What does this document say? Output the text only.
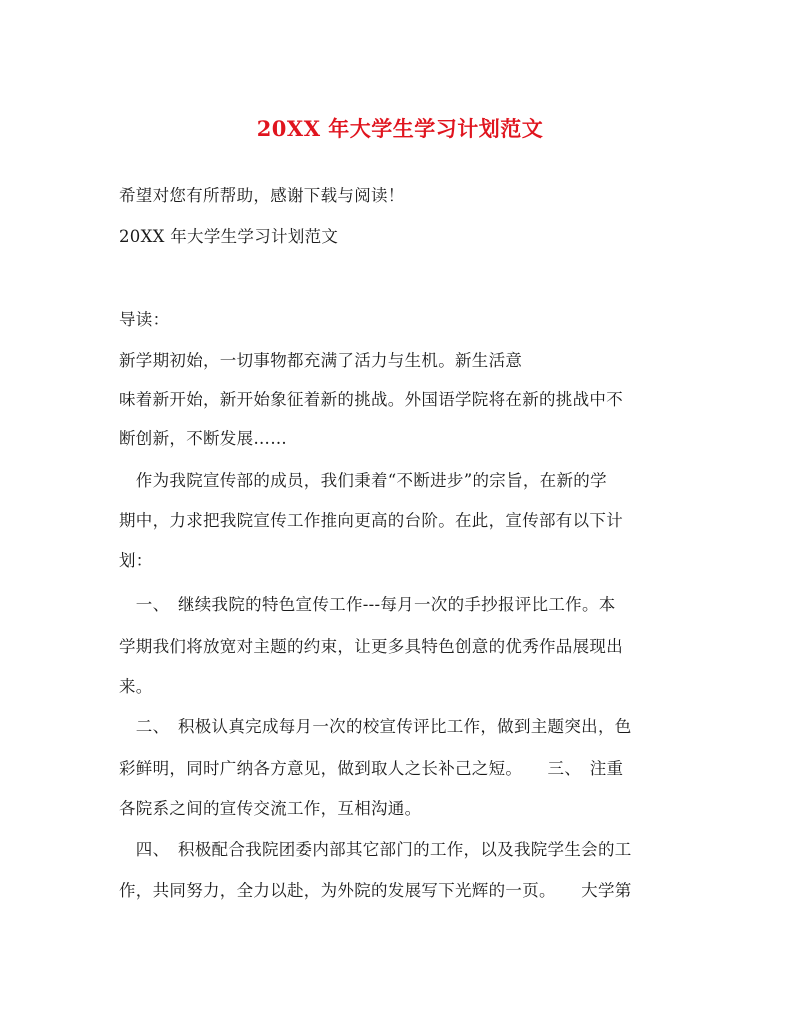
20XX 年大学生学习计划范文
希望对您有所帮助，感谢下载与阅读！
20XX 年大学生学习计划范文
导读：
新学期初始，一切事物都充满了活力与生机。新生活意
味着新开始，新开始象征着新的挑战。外国语学院将在新的挑战中不
断创新，不断发展……
　作为我院宣传部的成员，我们秉着“不断进步”的宗旨，在新的学
期中，力求把我院宣传工作推向更高的台阶。在此，宣传部有以下计
划：
　一、　继续我院的特色宣传工作---每月一次的手抄报评比工作。本
学期我们将放宽对主题的约束，让更多具特色创意的优秀作品展现出
来。
　二、　积极认真完成每月一次的校宣传评比工作，做到主题突出，色
彩鲜明，同时广纳各方意见，做到取人之长补己之短。　　三、　注重
各院系之间的宣传交流工作，互相沟通。
　四、　积极配合我院团委内部其它部门的工作，以及我院学生会的工
作，共同努力，全力以赴，为外院的发展写下光辉的一页。　　大学第
